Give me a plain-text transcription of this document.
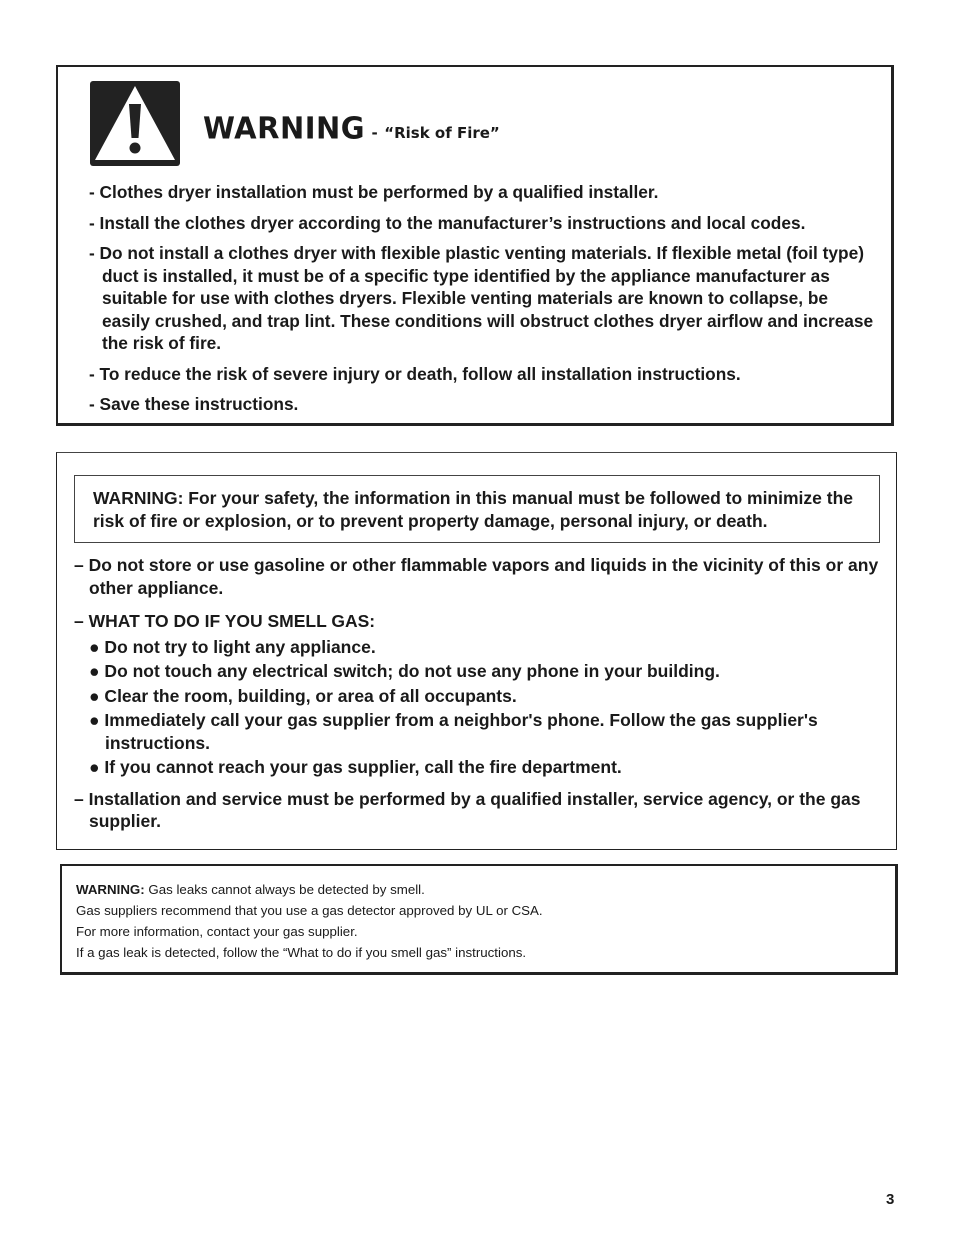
WARNING - “Risk of Fire”
- Clothes dryer installation must be performed by a qualified installer.
- Install the clothes dryer according to the manufacturer’s instructions and local codes.
- Do not install a clothes dryer with flexible plastic venting materials. If flexible metal (foil type) duct is installed, it must be of a specific type identified by the appliance manufacturer as suitable for use with clothes dryers. Flexible venting materials are known to collapse, be easily crushed, and trap lint. These conditions will obstruct clothes dryer airflow and increase the risk of fire.
- To reduce the risk of severe injury or death, follow all installation instructions.
- Save these instructions.

WARNING: For your safety, the information in this manual must be followed to minimize the risk of fire or explosion, or to prevent property damage, personal injury, or death.

– Do not store or use gasoline or other flammable vapors and liquids in the vicinity of this or any other appliance.

– WHAT TO DO IF YOU SMELL GAS:

● Do not try to light any appliance.
● Do not touch any electrical switch; do not use any phone in your building.
● Clear the room, building, or area of all occupants.
● Immediately call your gas supplier from a neighbor's phone. Follow the gas supplier's instructions.
● If you cannot reach your gas supplier, call the fire department.

– Installation and service must be performed by a qualified installer, service agency, or the gas supplier.

WARNING: Gas leaks cannot always be detected by smell.

Gas suppliers recommend that you use a gas detector approved by UL or CSA.

For more information, contact your gas supplier.

If a gas leak is detected, follow the “What to do if you smell gas” instructions.

3
